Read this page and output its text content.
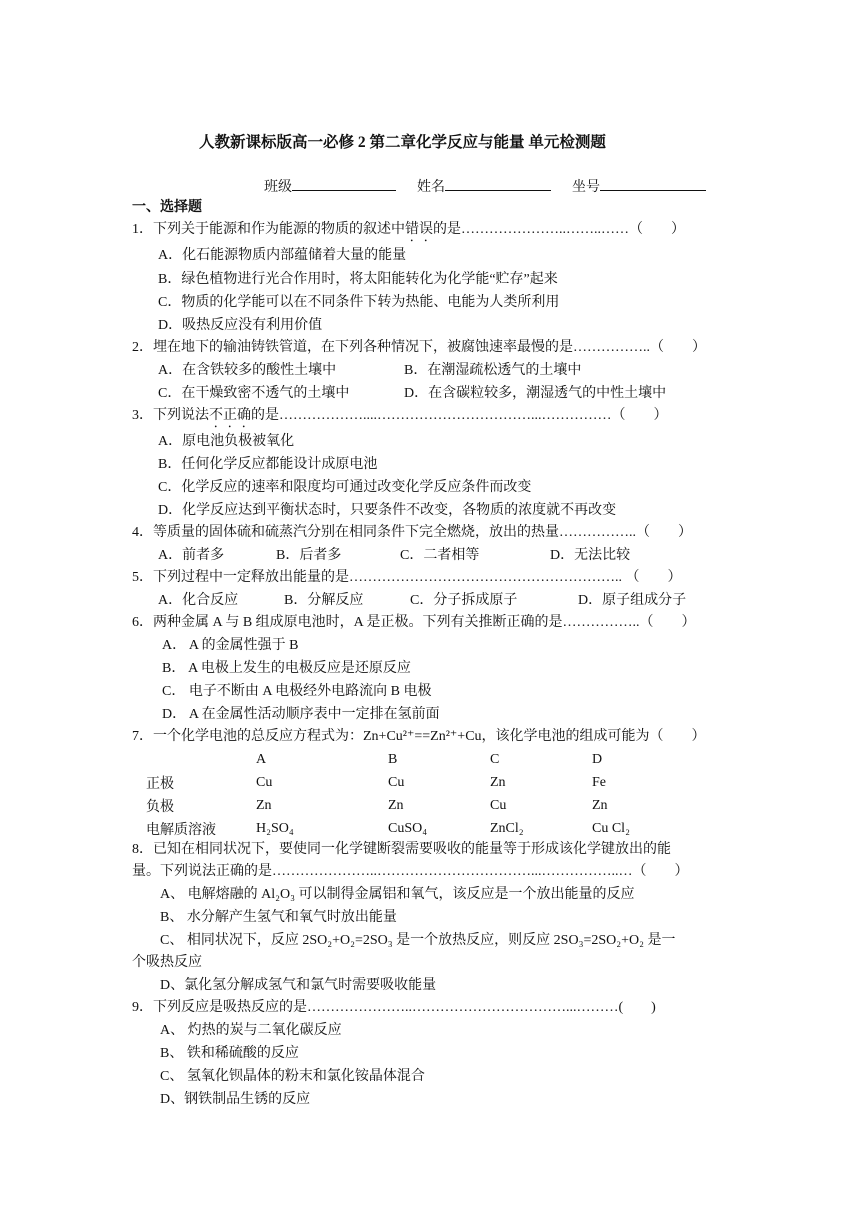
人教新课标版高一必修 2 第二章化学反应与能量 单元检测题
班级	姓名	坐号
一、选择题
1．下列关于能源和作为能源的物质的叙述中错误的是…………………..……..……（　　）
A．化石能源物质内部蕴储着大量的能量
B．绿色植物进行光合作用时，将太阳能转化为化学能“贮存”起来
C．物质的化学能可以在不同条件下转为热能、电能为人类所利用
D．吸热反应没有利用价值
2．埋在地下的输油铸铁管道，在下列各种情况下，被腐蚀速率最慢的是……………..（　　）
A．在含铁较多的酸性土壤中	B．在潮湿疏松透气的土壤中
C．在干燥致密不透气的土壤中	D．在含碳粒较多，潮湿透气的中性土壤中
3．下列说法不正确的是………………....……………………………...……………（　　）
A．原电池负极被氧化
B．任何化学反应都能设计成原电池
C．化学反应的速率和限度均可通过改变化学反应条件而改变
D．化学反应达到平衡状态时，只要条件不改变，各物质的浓度就不再改变
4．等质量的固体硫和硫蒸汽分别在相同条件下完全燃烧，放出的热量……………..（　　）
A．前者多	B．后者多	C．二者相等	D．无法比较
5．下列过程中一定释放出能量的是………………………………………………….. （　　）
A．化合反应	B．分解反应	C．分子拆成原子	D．原子组成分子
6．两种金属 A 与 B 组成原电池时，A 是正极。下列有关推断正确的是……………..（　　）
A． A 的金属性强于 B
B． A 电极上发生的电极反应是还原反应
C． 电子不断由 A 电极经外电路流向 B 电极
D． A 在金属性活动顺序表中一定排在氢前面
7．一个化学电池的总反应方程式为：Zn+Cu²⁺==Zn²⁺+Cu，该化学电池的组成可能为（　　）
	A	B	C	D
正极	Cu	Cu	Zn	Fe
负极	Zn	Zn	Cu	Zn
电解质溶液	H₂SO₄	CuSO₄	ZnCl₂	Cu Cl₂
8．已知在相同状况下，要使同一化学键断裂需要吸收的能量等于形成该化学键放出的能
量。下列说法正确的是…………………..……………………………...……………..…（　　）
A、 电解熔融的 Al₂O₃ 可以制得金属铝和氧气，该反应是一个放出能量的反应
B、 水分解产生氢气和氧气时放出能量
C、 相同状况下，反应 2SO₂+O₂=2SO₃ 是一个放热反应，则反应 2SO₃=2SO₂+O₂ 是一
个吸热反应
D、氯化氢分解成氢气和氯气时需要吸收能量
9．下列反应是吸热反应的是…………………..……………………………...………(　　)
A、 灼热的炭与二氧化碳反应
B、 铁和稀硫酸的反应
C、 氢氧化钡晶体的粉末和氯化铵晶体混合
D、钢铁制品生锈的反应
